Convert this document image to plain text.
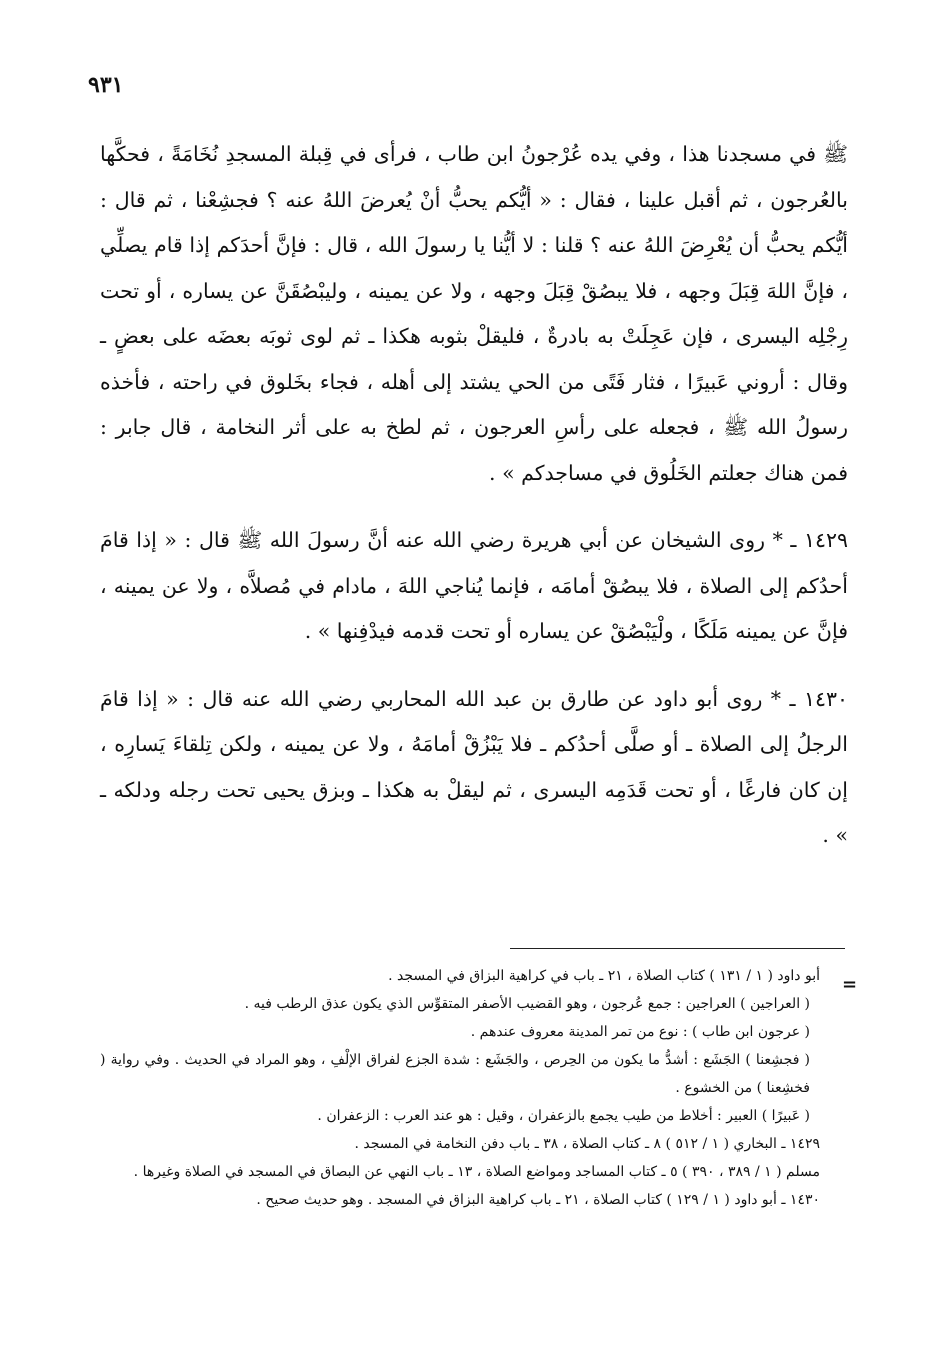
٩٣١

ﷺ في مسجدنا هذا ، وفي يده عُرْجونُ ابن طاب ، فرأى في قِبلة المسجدِ نُخَامَةً ، فحكَّها بالعُرجون ، ثم أقبل علينا ، فقال : « أيُّكم يحبُّ أنْ يُعرضَ اللهُ عنه ؟ فجشِعْنا ، ثم قال : أيُّكم يحبُّ أن يُعْرِضَ اللهُ عنه ؟ قلنا : لا أيُّنا يا رسولَ الله ، قال : فإنَّ أحدَكم إذا قام يصلِّي ، فإنَّ اللهَ قِبَلَ وجهه ، فلا يبصُقْ قِبَلَ وجهه ، ولا عن يمينه ، وليبْصُقَنَّ عن يساره ، أو تحت رِجْلِه اليسرى ، فإن عَجِلَتْ به بادرةٌ ، فليقلْ بثوبه هكذا ـ ثم لوى ثوبَه بعضَه على بعضٍ ـ وقال : أروني عَبيرًا ، فثار فَتًى من الحي يشتد إلى أهله ، فجاء بخَلوق في راحته ، فأخذه رسولُ الله ﷺ ، فجعله على رأسِ العرجون ، ثم لطخ به على أثر النخامة ، قال جابر : فمن هناك جعلتم الخَلُوق في مساجدكم » .

١٤٢٩ ـ * روى الشيخان عن أبي هريرة رضي الله عنه أنَّ رسولَ الله ﷺ قال : « إذا قامَ أحدُكم إلى الصلاة ، فلا يبصُقْ أمامَه ، فإنما يُناجي اللهَ ، مادام في مُصلاَّه ، ولا عن يمينه ، فإنَّ عن يمينه مَلَكًا ، ولْيَبْصُقْ عن يساره أو تحت قدمه فيدْفِنها » .

١٤٣٠ ـ * روى أبو داود عن طارق بن عبد الله المحاربي رضي الله عنه قال : « إذا قامَ الرجلُ إلى الصلاة ـ أو صلَّى أحدُكم ـ فلا يَبْزُقْ أمامَهُ ، ولا عن يمينه ، ولكن تِلقاءَ يَسارِه ، إن كان فارغًا ، أو تحت قَدَمِه اليسرى ، ثم ليقلْ به هكذا ـ وبزق يحيى تحت رجله ودلكه ـ » .

=

أبو داود ( ١ / ١٣١ ) كتاب الصلاة ، ٢١ ـ باب في كراهية البزاق في المسجد .

( العراجين ) العراجين : جمع عُرجون ، وهو القضيب الأصفر المتقوِّس الذي يكون عذق الرطب فيه .

( عرجون ابن طاب ) : نوع من تمر المدينة معروف عندهم .

( فجشِعنا ) الجَشَع : أشدُّ ما يكون من الحِرص ، والجَشَع : شدة الجزع لفراق الإلْفِ ، وهو المراد في الحديث . وفي رواية ( فخشِعنا ) من الخشوع .

( عَبيرًا ) العبير : أخلاط من طيب يجمع بالزعفران ، وقيل : هو عند العرب : الزعفران .

١٤٢٩ ـ البخاري ( ١ / ٥١٢ ) ٨ ـ كتاب الصلاة ، ٣٨ ـ باب دفن النخامة في المسجد .

مسلم ( ١ / ٣٨٩ ، ٣٩٠ ) ٥ ـ كتاب المساجد ومواضع الصلاة ، ١٣ ـ باب النهي عن البصاق في المسجد في الصلاة وغيرها .

١٤٣٠ ـ أبو داود ( ١ / ١٢٩ ) كتاب الصلاة ، ٢١ ـ باب كراهية البزاق في المسجد . وهو حديث صحيح .
